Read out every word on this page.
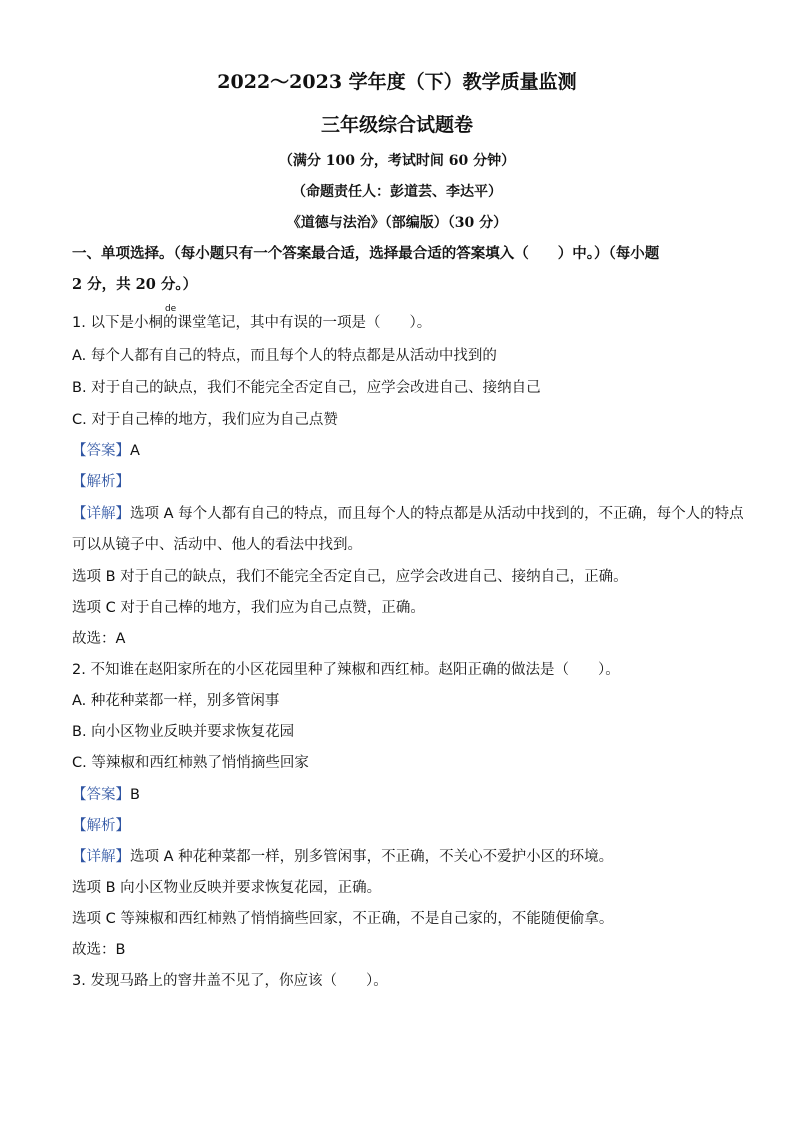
2022～2023 学年度（下）教学质量监测
三年级综合试题卷
（满分 100 分，考试时间 60 分钟）
（命题责任人：彭道芸、李达平）
《道德与法治》（部编版）（30 分）
一、单项选择。（每小题只有一个答案最合适，选择最合适的答案填入（　　）中。）（每小题
2 分，共 20 分。）
1. 以下是小桐
de
的课堂笔记，其中有误的一项是（　　）。
A. 每个人都有自己的特点，而且每个人的特点都是从活动中找到的
B. 对于自己的缺点，我们不能完全否定自己，应学会改进自己、接纳自己
C. 对于自己棒的地方，我们应为自己点赞
【答案】A
【解析】
【详解】选项 A 每个人都有自己的特点，而且每个人的特点都是从活动中找到的，不正确，每个人的特点
可以从镜子中、活动中、他人的看法中找到。
选项 B 对于自己的缺点，我们不能完全否定自己，应学会改进自己、接纳自己，正确。
选项 C 对于自己棒的地方，我们应为自己点赞，正确。
故选：A
2. 不知谁在赵阳家所在的小区花园里种了辣椒和西红柿。赵阳正确的做法是（　　）。
A. 种花种菜都一样，别多管闲事
B. 向小区物业反映并要求恢复花园
C. 等辣椒和西红柿熟了悄悄摘些回家
【答案】B
【解析】
【详解】选项 A 种花种菜都一样，别多管闲事，不正确，不关心不爱护小区的环境。
选项 B 向小区物业反映并要求恢复花园，正确。
选项 C 等辣椒和西红柿熟了悄悄摘些回家，不正确，不是自己家的，不能随便偷拿。
故选：B
3. 发现马路上的窨井盖不见了，你应该（　　）。
